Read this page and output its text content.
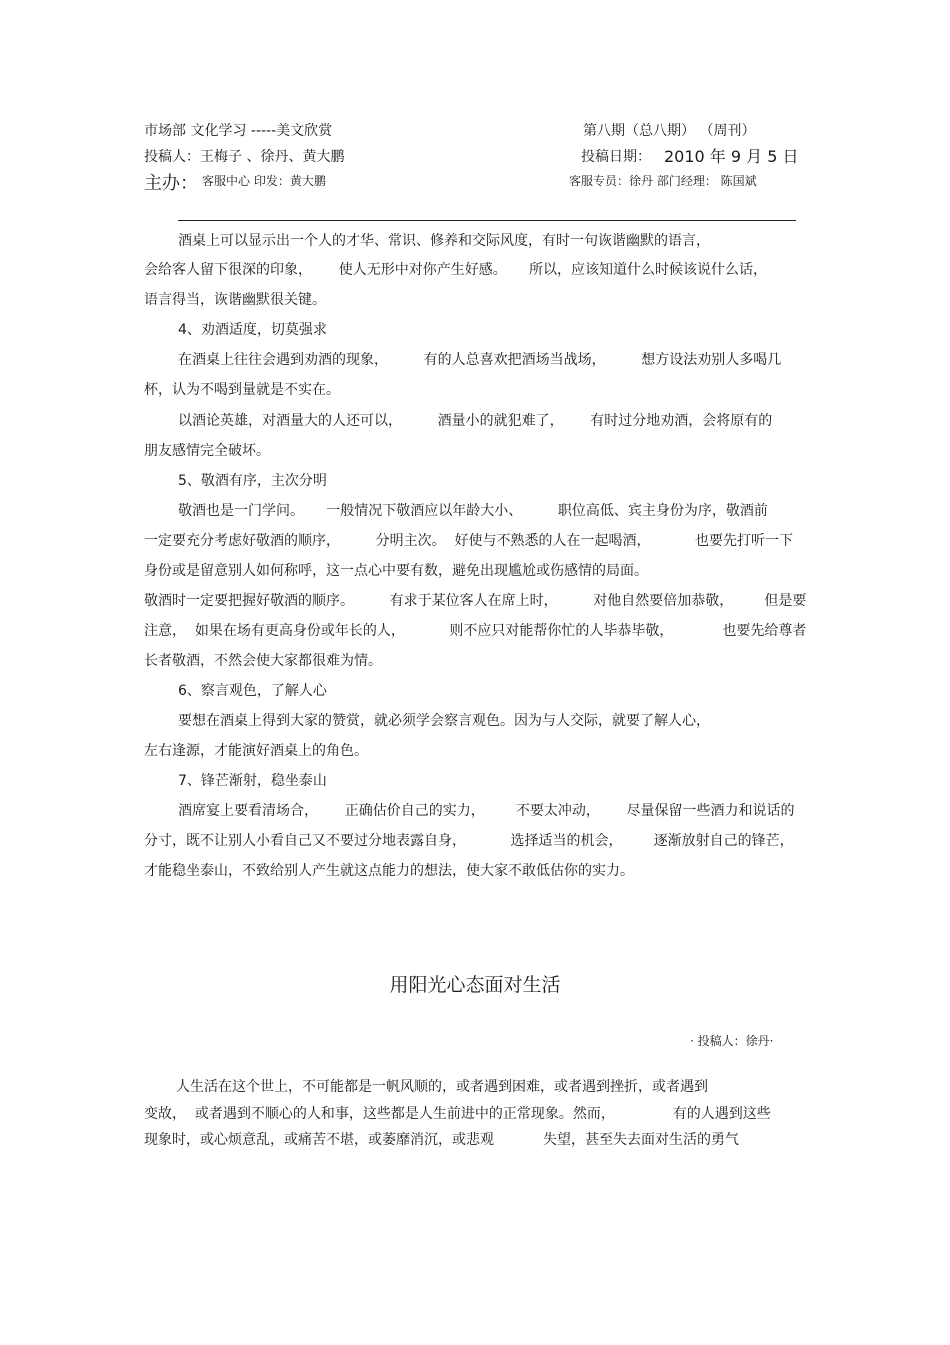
市场部 文化学习 -----美文欣赏	第八期（总八期） （周刊）
投稿人：王梅子 、徐丹、黄大鹏	投稿日期： 2010 年 9 月 5 日
主办： 客服中心 印发：黄大鹏	客服专员：徐丹 部门经理： 陈国斌
酒桌上可以显示出一个人的才华、常识、修养和交际风度，有时一句诙谐幽默的语言，
会给客人留下很深的印象，      使人无形中对你产生好感。     所以，应该知道什么时候该说什么话，
语言得当，诙谐幽默很关键。
4、劝酒适度，切莫强求
在酒桌上往往会遇到劝酒的现象，        有的人总喜欢把酒场当战场，        想方设法劝别人多喝几
杯，认为不喝到量就是不实在。
以酒论英雄，对酒量大的人还可以，        酒量小的就犯难了，      有时过分地劝酒，会将原有的
朋友感情完全破坏。
5、敬酒有序，主次分明
敬酒也是一门学问。     一般情况下敬酒应以年龄大小、        职位高低、宾主身份为序，敬酒前
一定要充分考虑好敬酒的顺序，        分明主次。  好使与不熟悉的人在一起喝酒，          也要先打听一下
身份或是留意别人如何称呼，这一点心中要有数，避免出现尴尬或伤感情的局面。
敬酒时一定要把握好敬酒的顺序。        有求于某位客人在席上时，        对他自然要倍加恭敬，       但是要
注意，  如果在场有更高身份或年长的人，          则不应只对能帮你忙的人毕恭毕敬，           也要先给尊者
长者敬酒，不然会使大家都很难为情。
6、察言观色，了解人心
要想在酒桌上得到大家的赞赏，就必须学会察言观色。因为与人交际，就要了解人心，
左右逢源，才能演好酒桌上的角色。
7、锋芒渐射，稳坐泰山
酒席宴上要看清场合，      正确估价自己的实力，       不要太冲动，      尽量保留一些酒力和说话的
分寸，既不让别人小看自己又不要过分地表露自身，          选择适当的机会，       逐渐放射自己的锋芒，
才能稳坐泰山，不致给别人产生就这点能力的想法，使大家不敢低估你的实力。
用阳光心态面对生活
· 投稿人：徐丹·
人生活在这个世上，不可能都是一帆风顺的，或者遇到困难，或者遇到挫折，或者遇到
变故，  或者遇到不顺心的人和事，这些都是人生前进中的正常现象。然而，             有的人遇到这些
现象时，或心烦意乱，或痛苦不堪，或萎靡消沉，或悲观           失望，甚至失去面对生活的勇气
